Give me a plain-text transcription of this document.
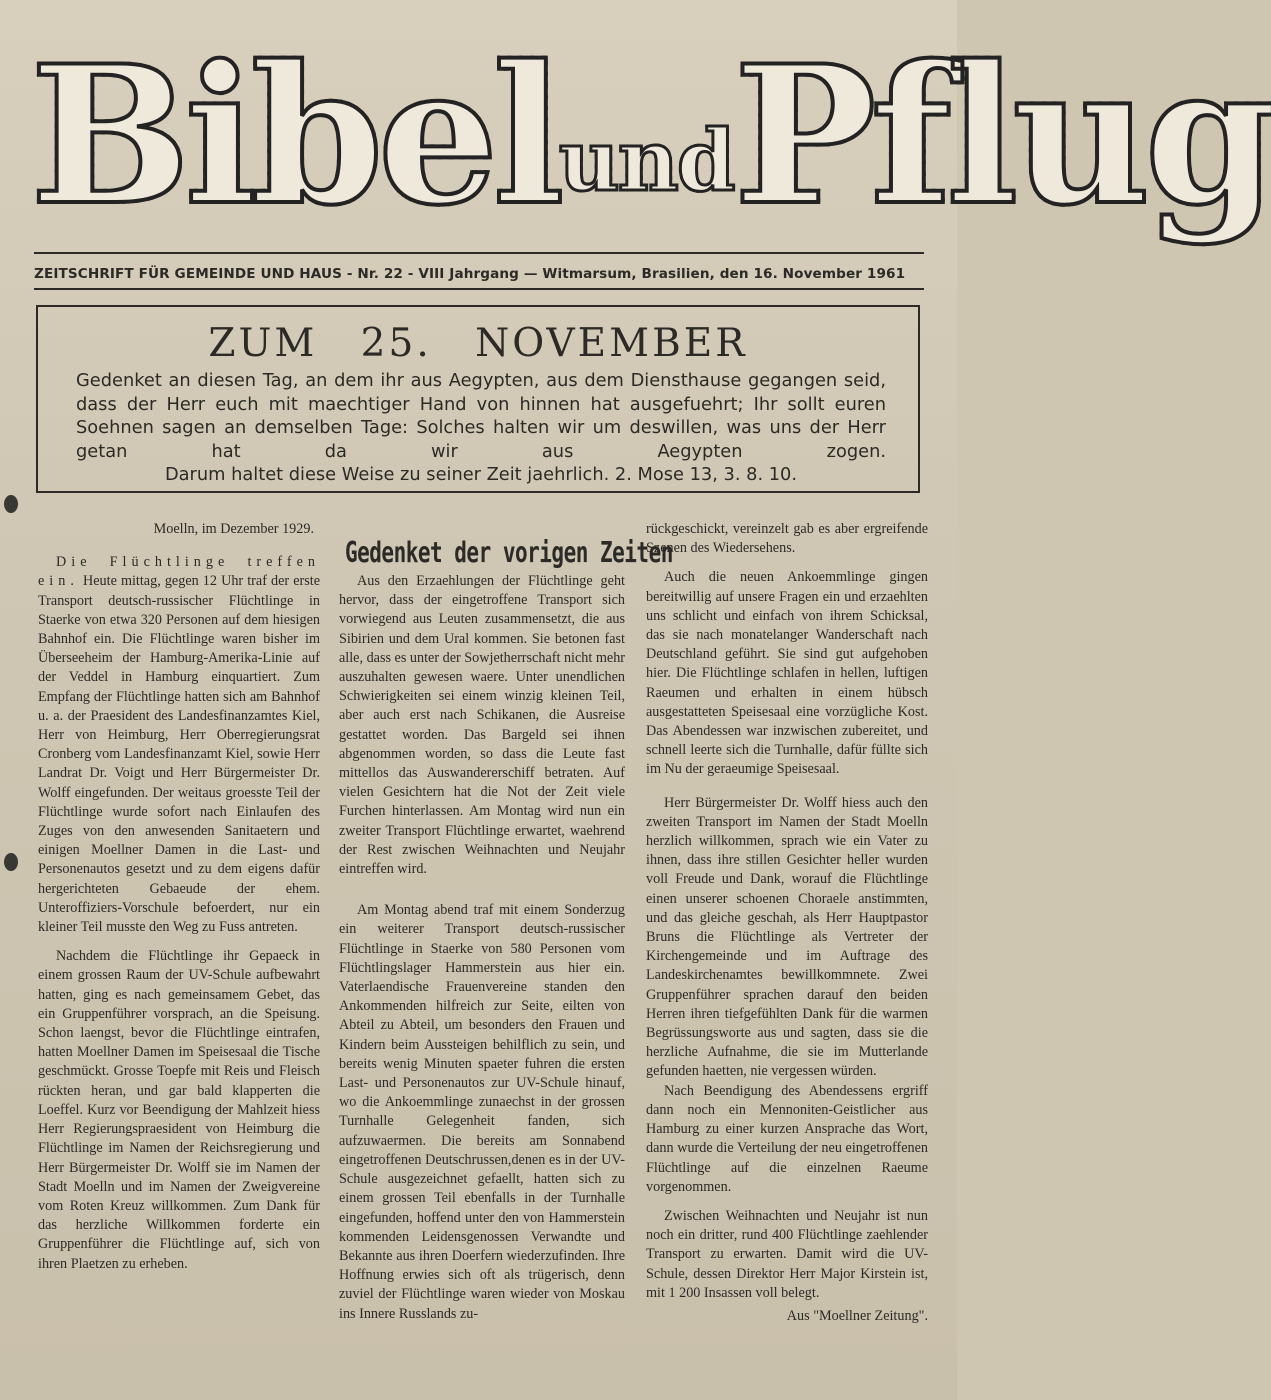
BibelundPflug
ZEITSCHRIFT FÜR GEMEINDE UND HAUS - Nr. 22 - VIII Jahrgang — Witmarsum, Brasilien, den 16. November 1961
ZUM 25. NOVEMBER
Gedenket an diesen Tag, an dem ihr aus Aegypten, aus dem Diensthause gegangen seid, dass der Herr euch mit maechtiger Hand von hinnen hat ausgefuehrt; Ihr sollt euren Soehnen sagen an demselben Tage: Solches halten wir um deswillen, was uns der Herr getan hat da wir aus Aegypten zogen.
Darum haltet diese Weise zu seiner Zeit jaehrlich. 2. Mose 13, 3. 8. 10.
Gedenket der vorigen Zeiten

Moelln, im Dezember 1929.

Die Flüchtlinge treffen ein. Heute mittag, gegen 12 Uhr traf der erste Transport deutsch-russischer Flüchtlinge in Staerke von etwa 320 Personen auf dem hiesigen Bahnhof ein. Die Flüchtlinge waren bisher im Überseeheim der Hamburg-Amerika-Linie auf der Veddel in Hamburg einquartiert. Zum Empfang der Flüchtlinge hatten sich am Bahnhof u. a. der Praesident des Landesfinanzamtes Kiel, Herr von Heimburg, Herr Oberregierungsrat Cronberg vom Landesfinanzamt Kiel, sowie Herr Landrat Dr. Voigt und Herr Bürgermeister Dr. Wolff eingefunden. Der weitaus groesste Teil der Flüchtlinge wurde sofort nach Einlaufen des Zuges von den anwesenden Sanitaetern und einigen Moellner Damen in die Last- und Personenautos gesetzt und zu dem eigens dafür hergerichteten Gebaeude der ehem. Unteroffiziers-Vorschule befoerdert, nur ein kleiner Teil musste den Weg zu Fuss antreten.

Nachdem die Flüchtlinge ihr Gepaeck in einem grossen Raum der UV-Schule aufbewahrt hatten, ging es nach gemeinsamem Gebet, das ein Gruppenführer vorsprach, an die Speisung. Schon laengst, bevor die Flüchtlinge eintrafen, hatten Moellner Damen im Speisesaal die Tische geschmückt. Grosse Toepfe mit Reis und Fleisch rückten heran, und gar bald klapperten die Loeffel. Kurz vor Beendigung der Mahlzeit hiess Herr Regierungspraesident von Heimburg die Flüchtlinge im Namen der Reichsregierung und Herr Bürgermeister Dr. Wolff sie im Namen der Stadt Moelln und im Namen der Zweigvereine vom Roten Kreuz willkommen. Zum Dank für das herzliche Willkommen forderte ein Gruppenführer die Flüchtlinge auf, sich von ihren Plaetzen zu erheben.

Aus den Erzaehlungen der Flüchtlinge geht hervor, dass der eingetroffene Transport sich vorwiegend aus Leuten zusammensetzt, die aus Sibirien und dem Ural kommen. Sie betonen fast alle, dass es unter der Sowjetherrschaft nicht mehr auszuhalten gewesen waere. Unter unendlichen Schwierigkeiten sei einem winzig kleinen Teil, aber auch erst nach Schikanen, die Ausreise gestattet worden. Das Bargeld sei ihnen abgenommen worden, so dass die Leute fast mittellos das Auswandererschiff betraten. Auf vielen Gesichtern hat die Not der Zeit viele Furchen hinterlassen. Am Montag wird nun ein zweiter Transport Flüchtlinge erwartet, waehrend der Rest zwischen Weihnachten und Neujahr eintreffen wird.

Am Montag abend traf mit einem Sonderzug ein weiterer Transport deutsch-russischer Flüchtlinge in Staerke von 580 Personen vom Flüchtlingslager Hammerstein aus hier ein. Vaterlaendische Frauenvereine standen den Ankommenden hilfreich zur Seite, eilten von Abteil zu Abteil, um besonders den Frauen und Kindern beim Aussteigen behilflich zu sein, und bereits wenig Minuten spaeter fuhren die ersten Last- und Personenautos zur UV-Schule hinauf, wo die Ankoemmlinge zunaechst in der grossen Turnhalle Gelegenheit fanden, sich aufzuwaermen. Die bereits am Sonnabend eingetroffenen Deutschrussen,denen es in der UV-Schule ausgezeichnet gefaellt, hatten sich zu einem grossen Teil ebenfalls in der Turnhalle eingefunden, hoffend unter den von Hammerstein kommenden Leidensgenossen Verwandte und Bekannte aus ihren Doerfern wiederzufinden. Ihre Hoffnung erwies sich oft als trügerisch, denn zuviel der Flüchtlinge waren wieder von Moskau ins Innere Russlands zu-

rückgeschickt, vereinzelt gab es aber ergreifende Szenen des Wiedersehens.

Auch die neuen Ankoemmlinge gingen bereitwillig auf unsere Fragen ein und erzaehlten uns schlicht und einfach von ihrem Schicksal, das sie nach monatelanger Wanderschaft nach Deutschland geführt. Sie sind gut aufgehoben hier. Die Flüchtlinge schlafen in hellen, luftigen Raeumen und erhalten in einem hübsch ausgestatteten Speisesaal eine vorzügliche Kost. Das Abendessen war inzwischen zubereitet, und schnell leerte sich die Turnhalle, dafür füllte sich im Nu der geraeumige Speisesaal.

Herr Bürgermeister Dr. Wolff hiess auch den zweiten Transport im Namen der Stadt Moelln herzlich willkommen, sprach wie ein Vater zu ihnen, dass ihre stillen Gesichter heller wurden voll Freude und Dank, worauf die Flüchtlinge einen unserer schoenen Choraele anstimmten, und das gleiche geschah, als Herr Hauptpastor Bruns die Flüchtlinge als Vertreter der Kirchengemeinde und im Auftrage des Landeskirchenamtes bewillkommnete. Zwei Gruppenführer sprachen darauf den beiden Herren ihren tiefgefühlten Dank für die warmen Begrüssungsworte aus und sagten, dass sie die herzliche Aufnahme, die sie im Mutterlande gefunden haetten, nie vergessen würden.

Nach Beendigung des Abendessens ergriff dann noch ein Mennoniten-Geistlicher aus Hamburg zu einer kurzen Ansprache das Wort, dann wurde die Verteilung der neu eingetroffenen Flüchtlinge auf die einzelnen Raeume vorgenommen.

Zwischen Weihnachten und Neujahr ist nun noch ein dritter, rund 400 Flüchtlinge zaehlender Transport zu erwarten. Damit wird die UV-Schule, dessen Direktor Herr Major Kirstein ist, mit 1 200 Insassen voll belegt.

Aus "Moellner Zeitung".
